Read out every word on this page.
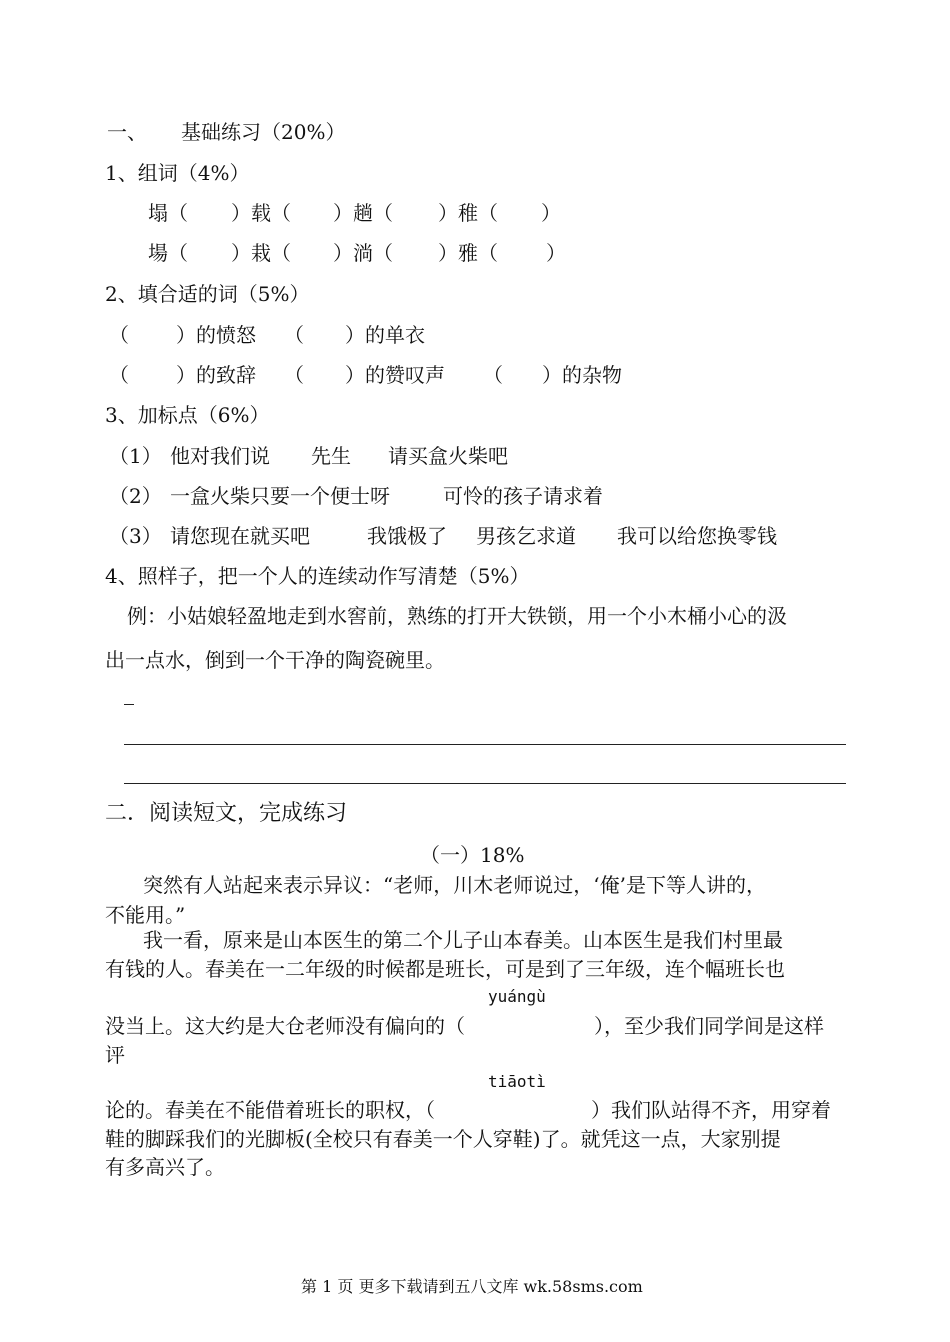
一、 基础练习（20%）
1、组词（4%）
塌（ ）载（ ）趟（ ）稚（ ）
場（ ）栽（ ）淌（ ）雅（ ）
2、填合适的词（5%）
（ ）的愤怒 （ ）的单衣
（ ）的致辞 （ ）的赞叹声 （ ）的杂物
3、加标点（6%）
（1） 他对我们说 先生 请买盒火柴吧
（2） 一盒火柴只要一个便士呀	可怜的孩子请求着
（3） 请您现在就买吧	我饿极了 男孩乞求道 我可以给您换零钱
4、照样子，把一个人的连续动作写清楚（5%）
例：小姑娘轻盈地走到水窖前，熟练的打开大铁锁，用一个小木桶小心的汲
出一点水，倒到一个干净的陶瓷碗里。
二．阅读短文，完成练习
（一）18%
突然有人站起来表示异议：“老师，川木老师说过，‘俺’是下等人讲的，
不能用。”
我一看，原来是山本医生的第二个儿子山本春美。山本医生是我们村里最
有钱的人。春美在一二年级的时候都是班长，可是到了三年级，连个幅班长也
yuángù
没当上。这大约是大仓老师没有偏向的（	），至少我们同学间是这样
评
tiāotì
论的。春美在不能借着班长的职权，（	）我们队站得不齐，用穿着
鞋的脚踩我们的光脚板(全校只有春美一个人穿鞋)了。就凭这一点，大家别提
有多高兴了。
第 1 页 更多下载请到五八文库 wk.58sms.com
